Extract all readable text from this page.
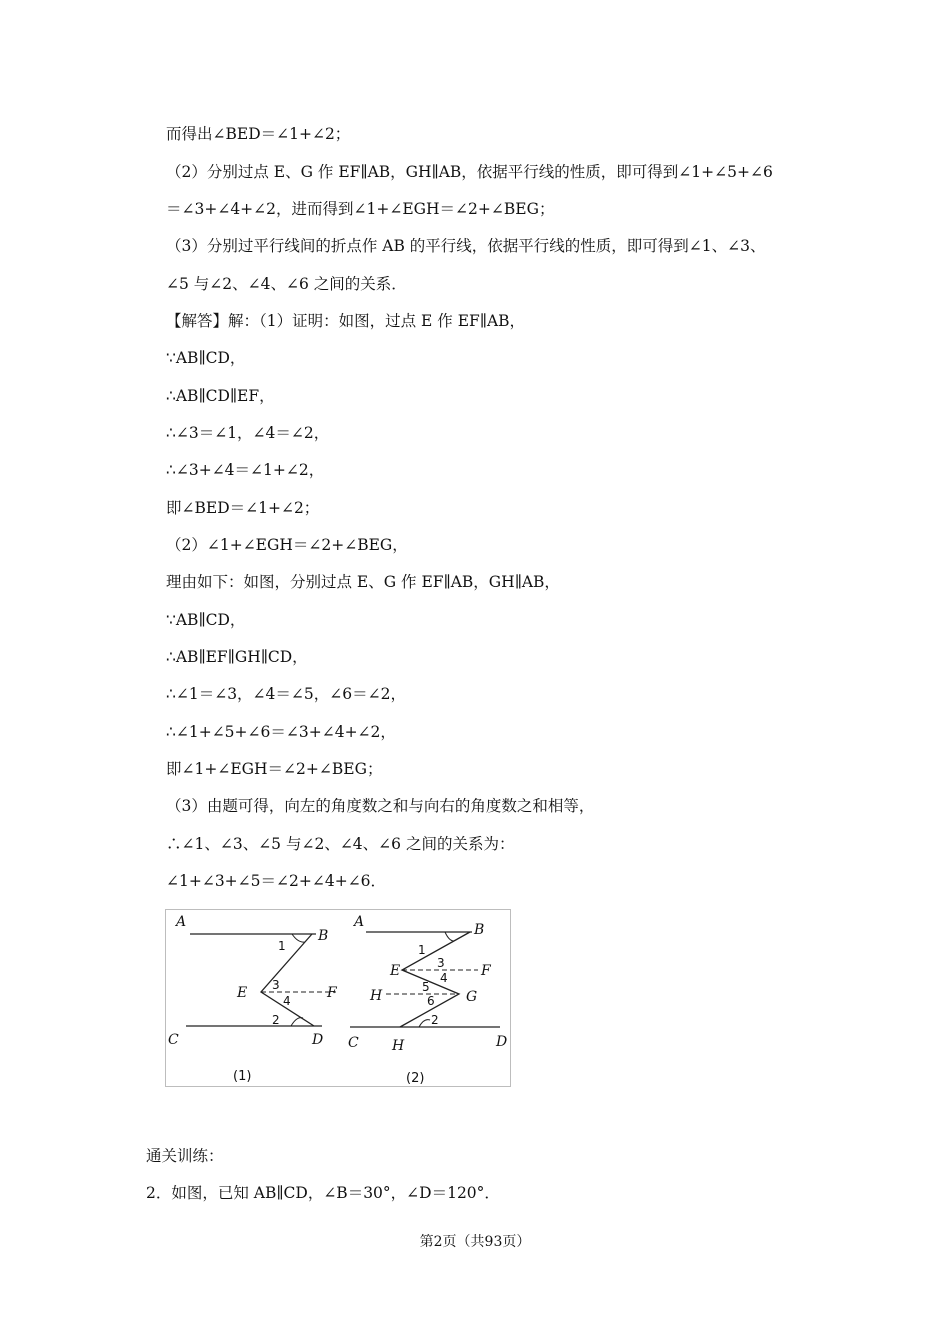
而得出∠BED＝∠1+∠2；
（2）分别过点 E、G 作 EF∥AB，GH∥AB，依据平行线的性质，即可得到∠1+∠5+∠6
＝∠3+∠4+∠2，进而得到∠1+∠EGH＝∠2+∠BEG；
（3）分别过平行线间的折点作 AB 的平行线，依据平行线的性质，即可得到∠1、∠3、
∠5 与∠2、∠4、∠6 之间的关系．
【解答】解：（1）证明：如图，过点 E 作 EF∥AB，
∵AB∥CD，
∴AB∥CD∥EF，
∴∠3＝∠1，∠4＝∠2，
∴∠3+∠4＝∠1+∠2，
即∠BED＝∠1+∠2；
（2）∠1+∠EGH＝∠2+∠BEG，
理由如下：如图，分别过点 E、G 作 EF∥AB，GH∥AB，
∵AB∥CD，
∴AB∥EF∥GH∥CD，
∴∠1＝∠3，∠4＝∠5，∠6＝∠2，
∴∠1+∠5+∠6＝∠3+∠4+∠2，
即∠1+∠EGH＝∠2+∠BEG；
（3）由题可得，向左的角度数之和与向右的角度数之和相等，
∴∠1、∠3、∠5 与∠2、∠4、∠6 之间的关系为：
∠1+∠3+∠5＝∠2+∠4+∠6．
A
B
C	D
E	F
1
2
3
4
(1)
A	B
C	D
E	F
G
H
H
1
2
3
4
5
6
(2)
通关训练：
2．如图，已知 AB∥CD，∠B＝30°，∠D＝120°．
第2页（共93页）
